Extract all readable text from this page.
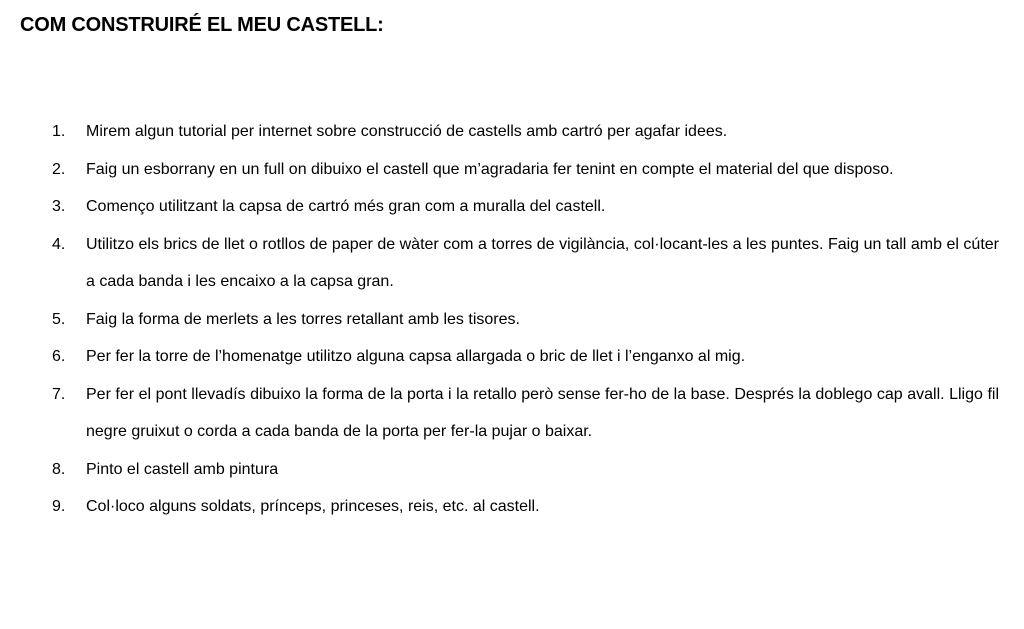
COM CONSTRUIRÉ EL MEU CASTELL:
1.	Mirem algun tutorial per internet sobre construcció de castells amb cartró per agafar idees.
2.	Faig un esborrany en un full on dibuixo el castell que m’agradaria fer tenint en compte el material del que disposo.
3.	Començo utilitzant la capsa de cartró més gran com a muralla del castell.
4.	Utilitzo els brics de llet o rotllos de paper de wàter com a torres de vigilància, col·locant-les a les puntes. Faig un tall amb el cúter a cada banda i les encaixo a la capsa gran.
5.	Faig la forma de merlets a les torres retallant amb les tisores.
6.	Per fer la torre de l’homenatge utilitzo alguna capsa allargada o bric de llet i l’enganxo al mig.
7.	Per fer el pont llevadís dibuixo la forma de la porta i la retallo però sense fer-ho de la base. Després la doblego cap avall. Lligo fil negre gruixut o corda a cada banda de la porta per fer-la pujar o baixar.
8.	Pinto el castell amb pintura
9.	Col·loco alguns soldats, prínceps, princeses, reis, etc. al castell.
